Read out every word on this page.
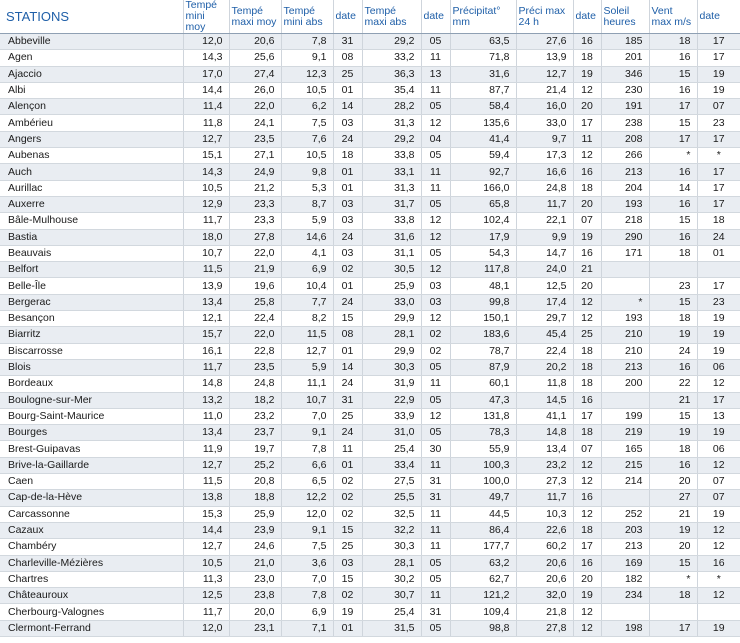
STATIONS	Tempé mini moy	Tempé maxi moy	Tempé mini abs	date	Tempé maxi abs	date	Précipitat° mm	Préci max 24 h	date	Soleil heures	Vent max m/s	date
Abbeville	12,0	20,6	7,8	31	29,2	05	63,5	27,6	16	185	18	17
Agen	14,3	25,6	9,1	08	33,2	11	71,8	13,9	18	201	16	17
Ajaccio	17,0	27,4	12,3	25	36,3	13	31,6	12,7	19	346	15	19
Albi	14,4	26,0	10,5	01	35,4	11	87,7	21,4	12	230	16	19
Alençon	11,4	22,0	6,2	14	28,2	05	58,4	16,0	20	191	17	07
Ambérieu	11,8	24,1	7,5	03	31,3	12	135,6	33,0	17	238	15	23
Angers	12,7	23,5	7,6	24	29,2	04	41,4	9,7	11	208	17	17
Aubenas	15,1	27,1	10,5	18	33,8	05	59,4	17,3	12	266	*	*
Auch	14,3	24,9	9,8	01	33,1	11	92,7	16,6	16	213	16	17
Aurillac	10,5	21,2	5,3	01	31,3	11	166,0	24,8	18	204	14	17
Auxerre	12,9	23,3	8,7	03	31,7	05	65,8	11,7	20	193	16	17
Bâle-Mulhouse	11,7	23,3	5,9	03	33,8	12	102,4	22,1	07	218	15	18
Bastia	18,0	27,8	14,6	24	31,6	12	17,9	9,9	19	290	16	24
Beauvais	10,7	22,0	4,1	03	31,1	05	54,3	14,7	16	171	18	01
Belfort	11,5	21,9	6,9	02	30,5	12	117,8	24,0	21			
Belle-Île	13,9	19,6	10,4	01	25,9	03	48,1	12,5	20		23	17
Bergerac	13,4	25,8	7,7	24	33,0	03	99,8	17,4	12	*	15	23
Besançon	12,1	22,4	8,2	15	29,9	12	150,1	29,7	12	193	18	19
Biarritz	15,7	22,0	11,5	08	28,1	02	183,6	45,4	25	210	19	19
Biscarrosse	16,1	22,8	12,7	01	29,9	02	78,7	22,4	18	210	24	19
Blois	11,7	23,5	5,9	14	30,3	05	87,9	20,2	18	213	16	06
Bordeaux	14,8	24,8	11,1	24	31,9	11	60,1	11,8	18	200	22	12
Boulogne-sur-Mer	13,2	18,2	10,7	31	22,9	05	47,3	14,5	16		21	17
Bourg-Saint-Maurice	11,0	23,2	7,0	25	33,9	12	131,8	41,1	17	199	15	13
Bourges	13,4	23,7	9,1	24	31,0	05	78,3	14,8	18	219	19	19
Brest-Guipavas	11,9	19,7	7,8	11	25,4	30	55,9	13,4	07	165	18	06
Brive-la-Gaillarde	12,7	25,2	6,6	01	33,4	11	100,3	23,2	12	215	16	12
Caen	11,5	20,8	6,5	02	27,5	31	100,0	27,3	12	214	20	07
Cap-de-la-Hève	13,8	18,8	12,2	02	25,5	31	49,7	11,7	16		27	07
Carcassonne	15,3	25,9	12,0	02	32,5	11	44,5	10,3	12	252	21	19
Cazaux	14,4	23,9	9,1	15	32,2	11	86,4	22,6	18	203	19	12
Chambéry	12,7	24,6	7,5	25	30,3	11	177,7	60,2	17	213	20	12
Charleville-Mézières	10,5	21,0	3,6	03	28,1	05	63,2	20,6	16	169	15	16
Chartres	11,3	23,0	7,0	15	30,2	05	62,7	20,6	20	182	*	*
Châteauroux	12,5	23,8	7,8	02	30,7	11	121,2	32,0	19	234	18	12
Cherbourg-Valognes	11,7	20,0	6,9	19	25,4	31	109,4	21,8	12			
Clermont-Ferrand	12,0	23,1	7,1	01	31,5	05	98,8	27,8	12	198	17	19
